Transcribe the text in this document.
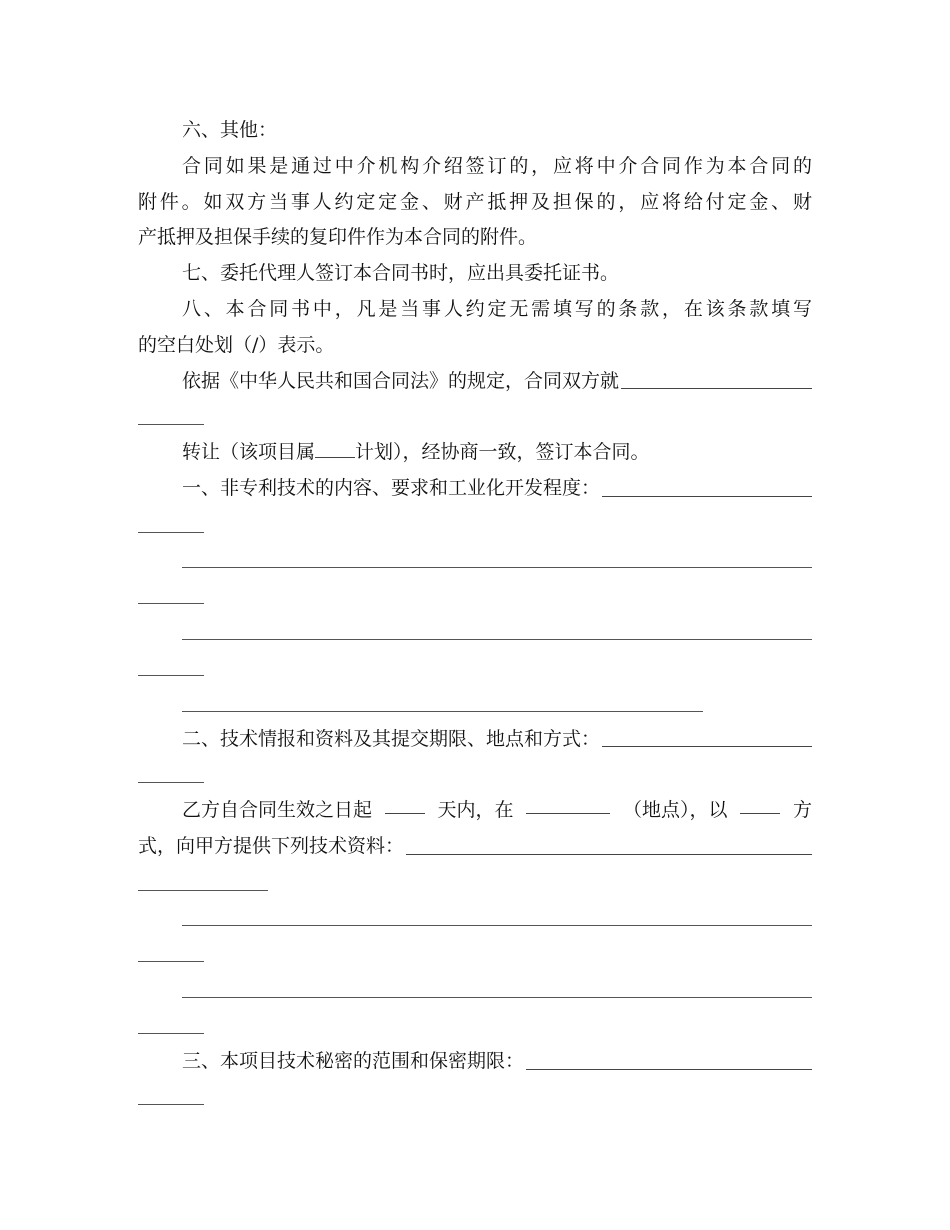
六、其他：
合同如果是通过中介机构介绍签订的，应将中介合同作为本合同的
附件。如双方当事人约定定金、财产抵押及担保的，应将给付定金、财
产抵押及担保手续的复印件作为本合同的附件。
七、委托代理人签订本合同书时，应出具委托证书。
八、本合同书中，凡是当事人约定无需填写的条款，在该条款填写
的空白处划（/）表示。
依据《中华人民共和国合同法》的规定，合同双方就
转让（该项目属 计划），经协商一致，签订本合同。
一、非专利技术的内容、要求和工业化开发程度：
二、技术情报和资料及其提交期限、地点和方式：
乙方自合同生效之日起	天内，在	（地点），以	方
式，向甲方提供下列技术资料：
三、本项目技术秘密的范围和保密期限：
